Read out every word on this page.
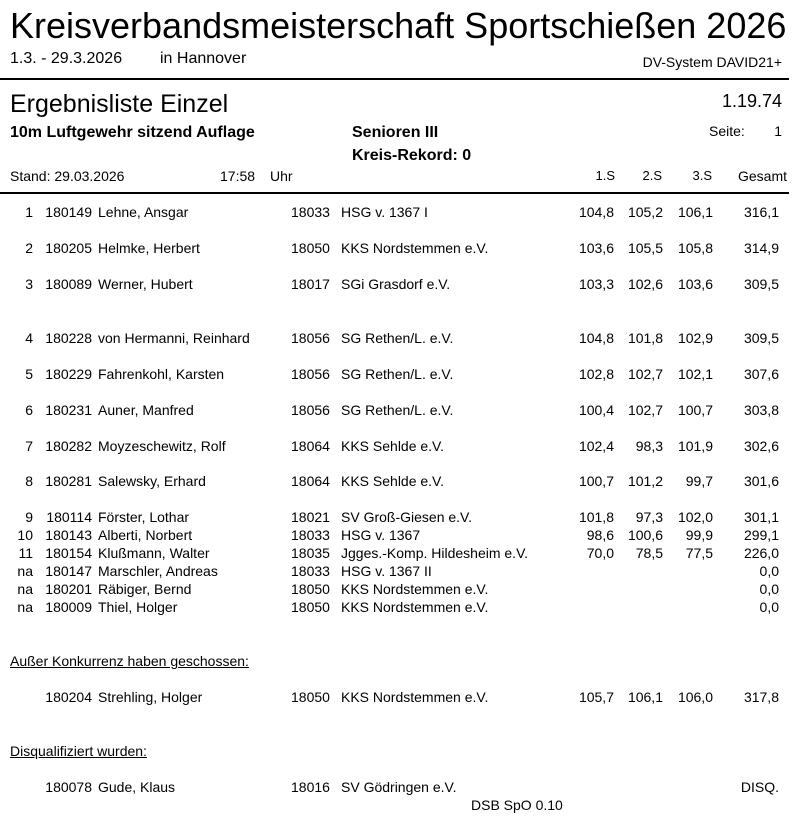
Kreisverbandsmeisterschaft Sportschießen 2026
1.3. - 29.3.2026 in Hannover	DV-System DAVID21+
Ergebnisliste Einzel	1.19.74
10m Luftgewehr sitzend Auflage	Senioren III
Kreis-Rekord: 0
Seite: 1
Stand: 29.03.2026	17:58 Uhr	1.S 2.S 3.S Gesamt
1 180149 Lehne, Ansgar	18033 HSG v. 1367 I	104,8 105,2 106,1 316,1
2 180205 Helmke, Herbert	18050 KKS Nordstemmen e.V.	103,6 105,5 105,8 314,9
3 180089 Werner, Hubert	18017 SGi Grasdorf e.V.	103,3 102,6 103,6 309,5
4 180228 von Hermanni, Reinhard	18056 SG Rethen/L. e.V.	104,8 101,8 102,9 309,5
5 180229 Fahrenkohl, Karsten	18056 SG Rethen/L. e.V.	102,8 102,7 102,1 307,6
6 180231 Auner, Manfred	18056 SG Rethen/L. e.V.	100,4 102,7 100,7 303,8
7 180282 Moyzeschewitz, Rolf	18064 KKS Sehlde e.V.	102,4 98,3 101,9 302,6
8 180281 Salewsky, Erhard	18064 KKS Sehlde e.V.	100,7 101,2 99,7 301,6
9 180114 Förster, Lothar	18021 SV Groß-Giesen e.V.	101,8 97,3 102,0 301,1
10 180143 Alberti, Norbert	18033 HSG v. 1367	98,6 100,6 99,9 299,1
11 180154 Klußmann, Walter	18035 Jgges.-Komp. Hildesheim e.V.	70,0 78,5 77,5 226,0
na 180147 Marschler, Andreas	18033 HSG v. 1367 II	0,0
na 180201 Räbiger, Bernd	18050 KKS Nordstemmen e.V.	0,0
na 180009 Thiel, Holger	18050 KKS Nordstemmen e.V.	0,0
Außer Konkurrenz haben geschossen:
180204 Strehling, Holger	18050 KKS Nordstemmen e.V.	105,7 106,1 106,0 317,8
Disqualifiziert wurden:
180078 Gude, Klaus	18016 SV Gödringen e.V.	DISQ.
DSB SpO 0.10
